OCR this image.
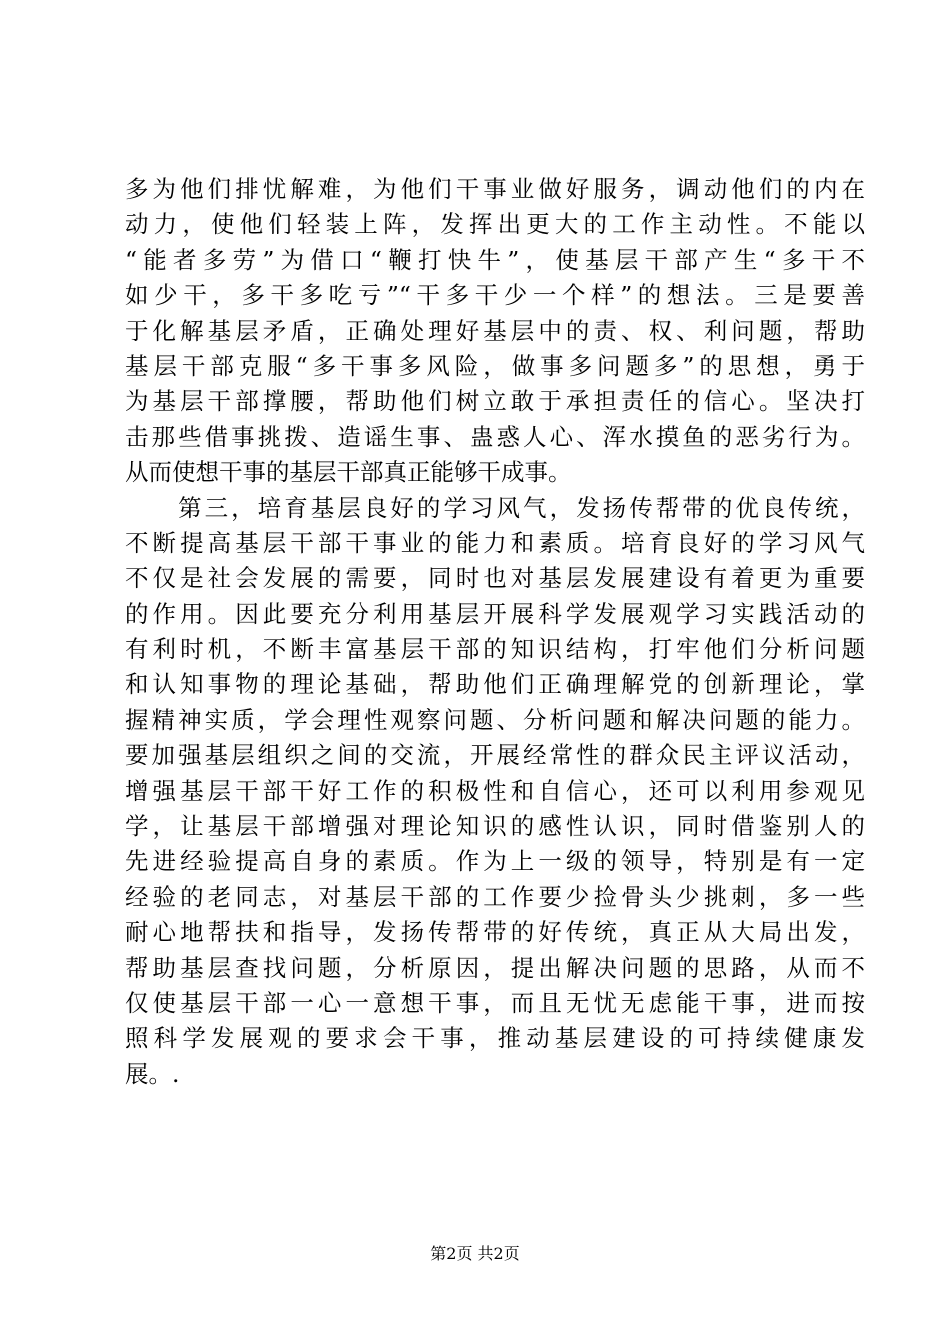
多为他们排忧解难，为他们干事业做好服务，调动他们的内在
动力，使他们轻装上阵，发挥出更大的工作主动性。不能以
“能者多劳”为借口“鞭打快牛”，使基层干部产生“多干不
如少干，多干多吃亏”“干多干少一个样”的想法。三是要善
于化解基层矛盾，正确处理好基层中的责、权、利问题，帮助
基层干部克服“多干事多风险，做事多问题多”的思想，勇于
为基层干部撑腰，帮助他们树立敢于承担责任的信心。坚决打
击那些借事挑拨、造谣生事、蛊惑人心、浑水摸鱼的恶劣行为。
从而使想干事的基层干部真正能够干成事。
　　第三，培育基层良好的学习风气，发扬传帮带的优良传统，
不断提高基层干部干事业的能力和素质。培育良好的学习风气
不仅是社会发展的需要，同时也对基层发展建设有着更为重要
的作用。因此要充分利用基层开展科学发展观学习实践活动的
有利时机，不断丰富基层干部的知识结构，打牢他们分析问题
和认知事物的理论基础，帮助他们正确理解党的创新理论，掌
握精神实质，学会理性观察问题、分析问题和解决问题的能力。
要加强基层组织之间的交流，开展经常性的群众民主评议活动，
增强基层干部干好工作的积极性和自信心，还可以利用参观见
学，让基层干部增强对理论知识的感性认识，同时借鉴别人的
先进经验提高自身的素质。作为上一级的领导，特别是有一定
经验的老同志，对基层干部的工作要少捡骨头少挑刺，多一些
耐心地帮扶和指导，发扬传帮带的好传统，真正从大局出发，
帮助基层查找问题，分析原因，提出解决问题的思路，从而不
仅使基层干部一心一意想干事，而且无忧无虑能干事，进而按
照科学发展观的要求会干事，推动基层建设的可持续健康发
展。.
第2页 共2页
